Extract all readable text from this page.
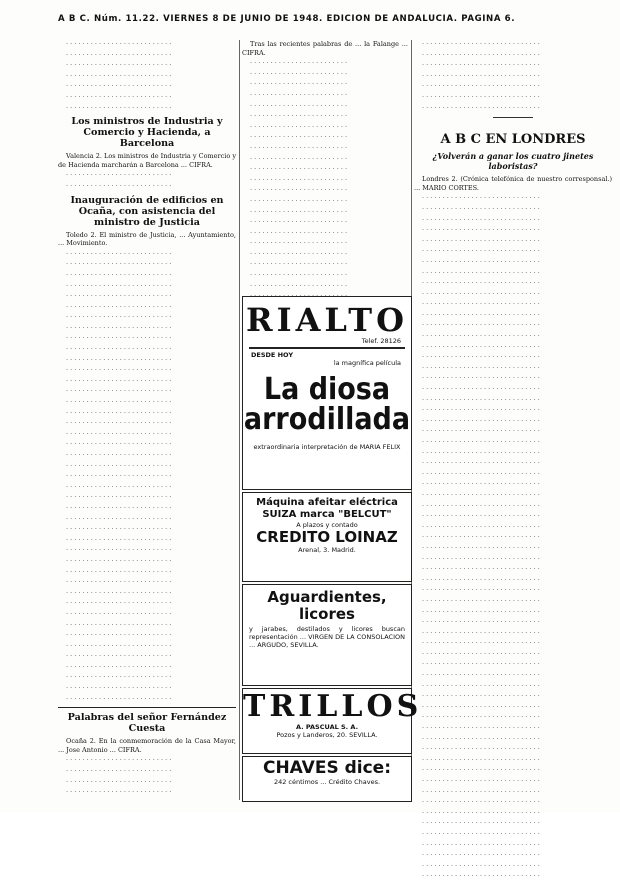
A B C. Núm. 11.22. VIERNES 8 DE JUNIO DE 1948. EDICION DE ANDALUCIA. PAGINA 6.

· · · · · · · · · · · · · · · · · · · · · · · · · ·

· · · · · · · · · · · · · · · · · · · · · · · · · ·

· · · · · · · · · · · · · · · · · · · · · · · · · ·

· · · · · · · · · · · · · · · · · · · · · · · · · ·

· · · · · · · · · · · · · · · · · · · · · · · · · ·

· · · · · · · · · · · · · · · · · · · · · · · · · ·

· · · · · · · · · · · · · · · · · · · · · · · · · ·

Los ministros de Industria y Comercio y Hacienda, a Barcelona

Valencia 2. Los ministros de Industria y Comercio y de Hacienda marcharán a Barcelona ... CIFRA.

· · · · · · · · · · · · · · · · · · · · · · · · · ·

· · · · · · · · · · · · · · · · · · · · · · · · · ·

Inauguración de edificios en Ocaña, con asistencia del ministro de Justicia

Toledo 2. El ministro de Justicia, ... Ayuntamiento, ... Movimiento.

· · · · · · · · · · · · · · · · · · · · · · · · · ·

· · · · · · · · · · · · · · · · · · · · · · · · · ·

· · · · · · · · · · · · · · · · · · · · · · · · · ·

· · · · · · · · · · · · · · · · · · · · · · · · · ·

· · · · · · · · · · · · · · · · · · · · · · · · · ·

· · · · · · · · · · · · · · · · · · · · · · · · · ·

· · · · · · · · · · · · · · · · · · · · · · · · · ·

· · · · · · · · · · · · · · · · · · · · · · · · · ·

· · · · · · · · · · · · · · · · · · · · · · · · · ·

· · · · · · · · · · · · · · · · · · · · · · · · · ·

· · · · · · · · · · · · · · · · · · · · · · · · · ·

· · · · · · · · · · · · · · · · · · · · · · · · · ·

· · · · · · · · · · · · · · · · · · · · · · · · · ·

· · · · · · · · · · · · · · · · · · · · · · · · · ·

· · · · · · · · · · · · · · · · · · · · · · · · · ·

· · · · · · · · · · · · · · · · · · · · · · · · · ·

· · · · · · · · · · · · · · · · · · · · · · · · · ·

· · · · · · · · · · · · · · · · · · · · · · · · · ·

· · · · · · · · · · · · · · · · · · · · · · · · · ·

· · · · · · · · · · · · · · · · · · · · · · · · · ·

· · · · · · · · · · · · · · · · · · · · · · · · · ·

· · · · · · · · · · · · · · · · · · · · · · · · · ·

· · · · · · · · · · · · · · · · · · · · · · · · · ·

· · · · · · · · · · · · · · · · · · · · · · · · · ·

· · · · · · · · · · · · · · · · · · · · · · · · · ·

· · · · · · · · · · · · · · · · · · · · · · · · · ·

· · · · · · · · · · · · · · · · · · · · · · · · · ·

· · · · · · · · · · · · · · · · · · · · · · · · · ·

· · · · · · · · · · · · · · · · · · · · · · · · · ·

· · · · · · · · · · · · · · · · · · · · · · · · · ·

· · · · · · · · · · · · · · · · · · · · · · · · · ·

· · · · · · · · · · · · · · · · · · · · · · · · · ·

· · · · · · · · · · · · · · · · · · · · · · · · · ·

· · · · · · · · · · · · · · · · · · · · · · · · · ·

· · · · · · · · · · · · · · · · · · · · · · · · · ·

· · · · · · · · · · · · · · · · · · · · · · · · · ·

· · · · · · · · · · · · · · · · · · · · · · · · · ·

· · · · · · · · · · · · · · · · · · · · · · · · · ·

· · · · · · · · · · · · · · · · · · · · · · · · · ·

· · · · · · · · · · · · · · · · · · · · · · · · · ·

· · · · · · · · · · · · · · · · · · · · · · · · · ·

· · · · · · · · · · · · · · · · · · · · · · · · · ·

· · · · · · · · · · · · · · · · · · · · · · · · · ·

Palabras del señor Fernández Cuesta

Ocaña 2. En la conmemoración de la Casa Mayor, ... Jose Antonio ... CIFRA.

· · · · · · · · · · · · · · · · · · · · · · · · · ·

· · · · · · · · · · · · · · · · · · · · · · · · · ·

· · · · · · · · · · · · · · · · · · · · · · · · · ·

· · · · · · · · · · · · · · · · · · · · · · · · · ·

Tras las recientes palabras de ... la Falange ... CIFRA.

· · · · · · · · · · · · · · · · · · · · · · · ·

· · · · · · · · · · · · · · · · · · · · · · · ·

· · · · · · · · · · · · · · · · · · · · · · · ·

· · · · · · · · · · · · · · · · · · · · · · · ·

· · · · · · · · · · · · · · · · · · · · · · · ·

· · · · · · · · · · · · · · · · · · · · · · · ·

· · · · · · · · · · · · · · · · · · · · · · · ·

· · · · · · · · · · · · · · · · · · · · · · · ·

· · · · · · · · · · · · · · · · · · · · · · · ·

· · · · · · · · · · · · · · · · · · · · · · · ·

· · · · · · · · · · · · · · · · · · · · · · · ·

· · · · · · · · · · · · · · · · · · · · · · · ·

· · · · · · · · · · · · · · · · · · · · · · · ·

· · · · · · · · · · · · · · · · · · · · · · · ·

· · · · · · · · · · · · · · · · · · · · · · · ·

· · · · · · · · · · · · · · · · · · · · · · · ·

· · · · · · · · · · · · · · · · · · · · · · · ·

· · · · · · · · · · · · · · · · · · · · · · · ·

· · · · · · · · · · · · · · · · · · · · · · · ·

· · · · · · · · · · · · · · · · · · · · · · · ·

· · · · · · · · · · · · · · · · · · · · · · · ·

· · · · · · · · · · · · · · · · · · · · · · · ·

RIALTO
Telef. 28126
DESDE HOY
la magnífica película
La diosa arrodillada
extraordinaria interpretación de MARIA FELIX
Máquina afeitar eléctrica
SUIZA marca "BELCUT"
A plazos y contado
CREDITO LOINAZ
Arenal, 3. Madrid.
Aguardientes, licores
y jarabes, destilados y licores buscan representación ... VIRGEN DE LA CONSOLACION ... ARGUDO, SEVILLA.
TRILLOS
A. PASCUAL S. A.
Pozos y Landeros, 20. SEVILLA.
CHAVES dice:
242 céntimos ... Crédito Chaves.

· · · · · · · · · · · · · · · · · · · · · · · · · · · · ·

· · · · · · · · · · · · · · · · · · · · · · · · · · · · ·

· · · · · · · · · · · · · · · · · · · · · · · · · · · · ·

· · · · · · · · · · · · · · · · · · · · · · · · · · · · ·

· · · · · · · · · · · · · · · · · · · · · · · · · · · · ·

· · · · · · · · · · · · · · · · · · · · · · · · · · · · ·

· · · · · · · · · · · · · · · · · · · · · · · · · · · · ·

A B C EN LONDRES
¿Volverán a ganar los cuatro jinetes laboristas?

Londres 2. (Crónica telefónica de nuestro corresponsal.) ... MARIO CORTES.

· · · · · · · · · · · · · · · · · · · · · · · · · · · · ·

· · · · · · · · · · · · · · · · · · · · · · · · · · · · ·

· · · · · · · · · · · · · · · · · · · · · · · · · · · · ·

· · · · · · · · · · · · · · · · · · · · · · · · · · · · ·

· · · · · · · · · · · · · · · · · · · · · · · · · · · · ·

· · · · · · · · · · · · · · · · · · · · · · · · · · · · ·

· · · · · · · · · · · · · · · · · · · · · · · · · · · · ·

· · · · · · · · · · · · · · · · · · · · · · · · · · · · ·

· · · · · · · · · · · · · · · · · · · · · · · · · · · · ·

· · · · · · · · · · · · · · · · · · · · · · · · · · · · ·

· · · · · · · · · · · · · · · · · · · · · · · · · · · · ·

· · · · · · · · · · · · · · · · · · · · · · · · · · · · ·

· · · · · · · · · · · · · · · · · · · · · · · · · · · · ·

· · · · · · · · · · · · · · · · · · · · · · · · · · · · ·

· · · · · · · · · · · · · · · · · · · · · · · · · · · · ·

· · · · · · · · · · · · · · · · · · · · · · · · · · · · ·

· · · · · · · · · · · · · · · · · · · · · · · · · · · · ·

· · · · · · · · · · · · · · · · · · · · · · · · · · · · ·

· · · · · · · · · · · · · · · · · · · · · · · · · · · · ·

· · · · · · · · · · · · · · · · · · · · · · · · · · · · ·

· · · · · · · · · · · · · · · · · · · · · · · · · · · · ·

· · · · · · · · · · · · · · · · · · · · · · · · · · · · ·

· · · · · · · · · · · · · · · · · · · · · · · · · · · · ·

· · · · · · · · · · · · · · · · · · · · · · · · · · · · ·

· · · · · · · · · · · · · · · · · · · · · · · · · · · · ·

· · · · · · · · · · · · · · · · · · · · · · · · · · · · ·

· · · · · · · · · · · · · · · · · · · · · · · · · · · · ·

· · · · · · · · · · · · · · · · · · · · · · · · · · · · ·

· · · · · · · · · · · · · · · · · · · · · · · · · · · · ·

· · · · · · · · · · · · · · · · · · · · · · · · · · · · ·

· · · · · · · · · · · · · · · · · · · · · · · · · · · · ·

· · · · · · · · · · · · · · · · · · · · · · · · · · · · ·

· · · · · · · · · · · · · · · · · · · · · · · · · · · · ·

· · · · · · · · · · · · · · · · · · · · · · · · · · · · ·

· · · · · · · · · · · · · · · · · · · · · · · · · · · · ·

· · · · · · · · · · · · · · · · · · · · · · · · · · · · ·

· · · · · · · · · · · · · · · · · · · · · · · · · · · · ·

· · · · · · · · · · · · · · · · · · · · · · · · · · · · ·

· · · · · · · · · · · · · · · · · · · · · · · · · · · · ·

· · · · · · · · · · · · · · · · · · · · · · · · · · · · ·

· · · · · · · · · · · · · · · · · · · · · · · · · · · · ·

· · · · · · · · · · · · · · · · · · · · · · · · · · · · ·

· · · · · · · · · · · · · · · · · · · · · · · · · · · · ·

· · · · · · · · · · · · · · · · · · · · · · · · · · · · ·

· · · · · · · · · · · · · · · · · · · · · · · · · · · · ·

· · · · · · · · · · · · · · · · · · · · · · · · · · · · ·

· · · · · · · · · · · · · · · · · · · · · · · · · · · · ·

· · · · · · · · · · · · · · · · · · · · · · · · · · · · ·

· · · · · · · · · · · · · · · · · · · · · · · · · · · · ·

· · · · · · · · · · · · · · · · · · · · · · · · · · · · ·

· · · · · · · · · · · · · · · · · · · · · · · · · · · · ·

· · · · · · · · · · · · · · · · · · · · · · · · · · · · ·

· · · · · · · · · · · · · · · · · · · · · · · · · · · · ·

· · · · · · · · · · · · · · · · · · · · · · · · · · · · ·

· · · · · · · · · · · · · · · · · · · · · · · · · · · · ·

· · · · · · · · · · · · · · · · · · · · · · · · · · · · ·

· · · · · · · · · · · · · · · · · · · · · · · · · · · · ·

· · · · · · · · · · · · · · · · · · · · · · · · · · · · ·

· · · · · · · · · · · · · · · · · · · · · · · · · · · · ·

· · · · · · · · · · · · · · · · · · · · · · · · · · · · ·

· · · · · · · · · · · · · · · · · · · · · · · · · · · · ·

· · · · · · · · · · · · · · · · · · · · · · · · · · · · ·

· · · · · · · · · · · · · · · · · · · · · · · · · · · · ·

· · · · · · · · · · · · · · · · · · · · · · · · · · · · ·

· · · · · · · · · · · · · · · · · · · · · · · · · · · · ·
